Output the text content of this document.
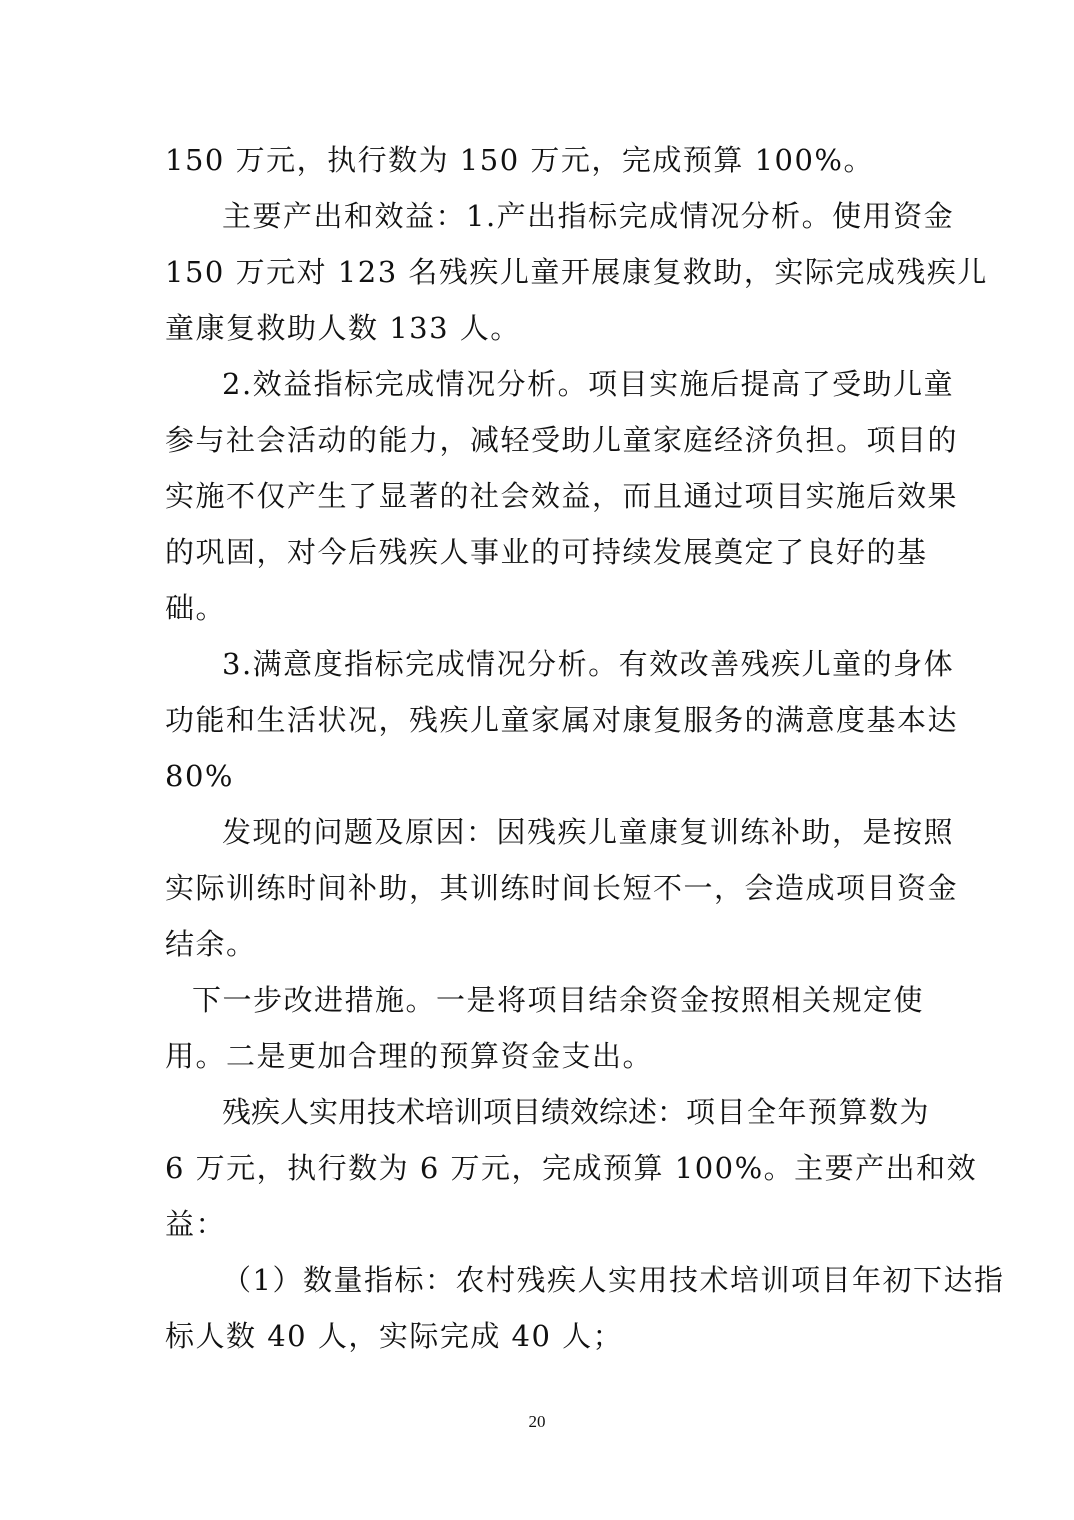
150 万元，执行数为 150 万元，完成预算 100%。
主要产出和效益：1.产出指标完成情况分析。使用资金
150 万元对 123 名残疾儿童开展康复救助，实际完成残疾儿
童康复救助人数 133 人。
2.效益指标完成情况分析。项目实施后提高了受助儿童
参与社会活动的能力，减轻受助儿童家庭经济负担。项目的
实施不仅产生了显著的社会效益，而且通过项目实施后效果
的巩固，对今后残疾人事业的可持续发展奠定了良好的基
础。
3.满意度指标完成情况分析。有效改善残疾儿童的身体
功能和生活状况，残疾儿童家属对康复服务的满意度基本达
80%
发现的问题及原因：因残疾儿童康复训练补助，是按照
实际训练时间补助，其训练时间长短不一，会造成项目资金
结余。
下一步改进措施。一是将项目结余资金按照相关规定使
用。二是更加合理的预算资金支出。
残疾人实用技术培训项目绩效综述： 项目全年预算数为
6 万元，执行数为 6 万元，完成预算 100%。主要产出和效
益：
（1）数量指标：农村残疾人实用技术培训项目年初下达指
标人数 40 人，实际完成 40 人；
20
